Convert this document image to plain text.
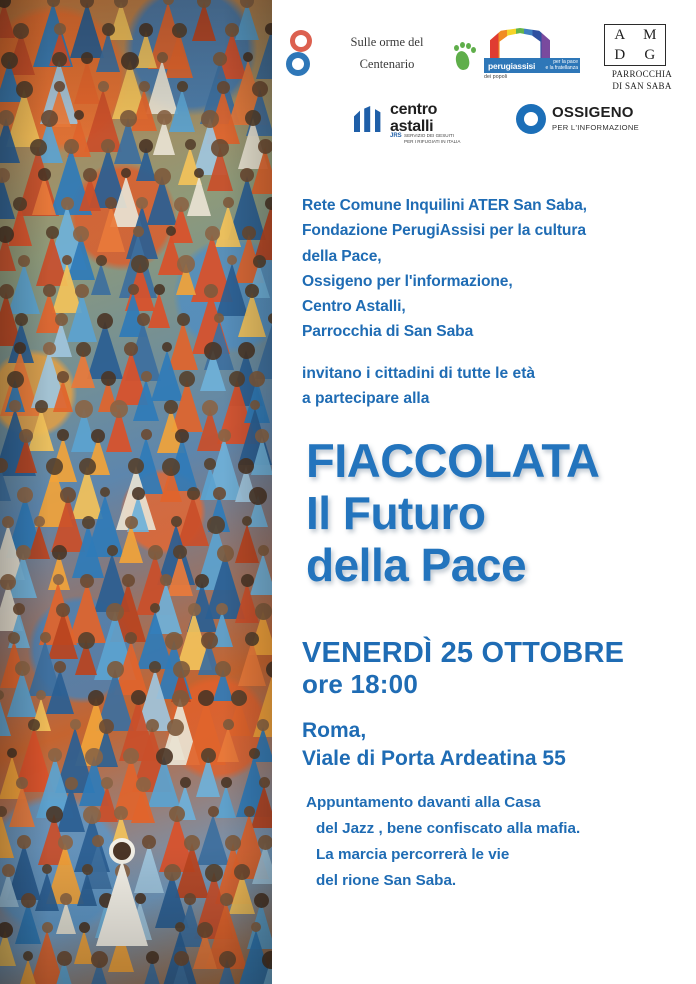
Sulle orme del
Centenario	perugiassisi	per la pace
e la fratellanza
dei popoli
A	M
D	G
PARROCCHIA
DI SAN SABA
centro
astalli
JRS SERVIZIO DEI GESUITI
PER I RIFUGIATI IN ITALIA
OSSIGENO
PER L'INFORMAZIONE
Rete Comune Inquilini ATER San Saba,
Fondazione PerugiAssisi per la cultura
della Pace,
Ossigeno per l'informazione,
Centro Astalli,
Parrocchia di San Saba
invitano i cittadini di tutte le età
a partecipare alla
FIACCOLATA
Il Futuro
della Pace
VENERDÌ 25 OTTOBRE
ore 18:00
Roma,
Viale di Porta Ardeatina 55
Appuntamento davanti alla Casa
del Jazz , bene confiscato alla mafia.
La marcia percorrerà le vie
del rione San Saba.
